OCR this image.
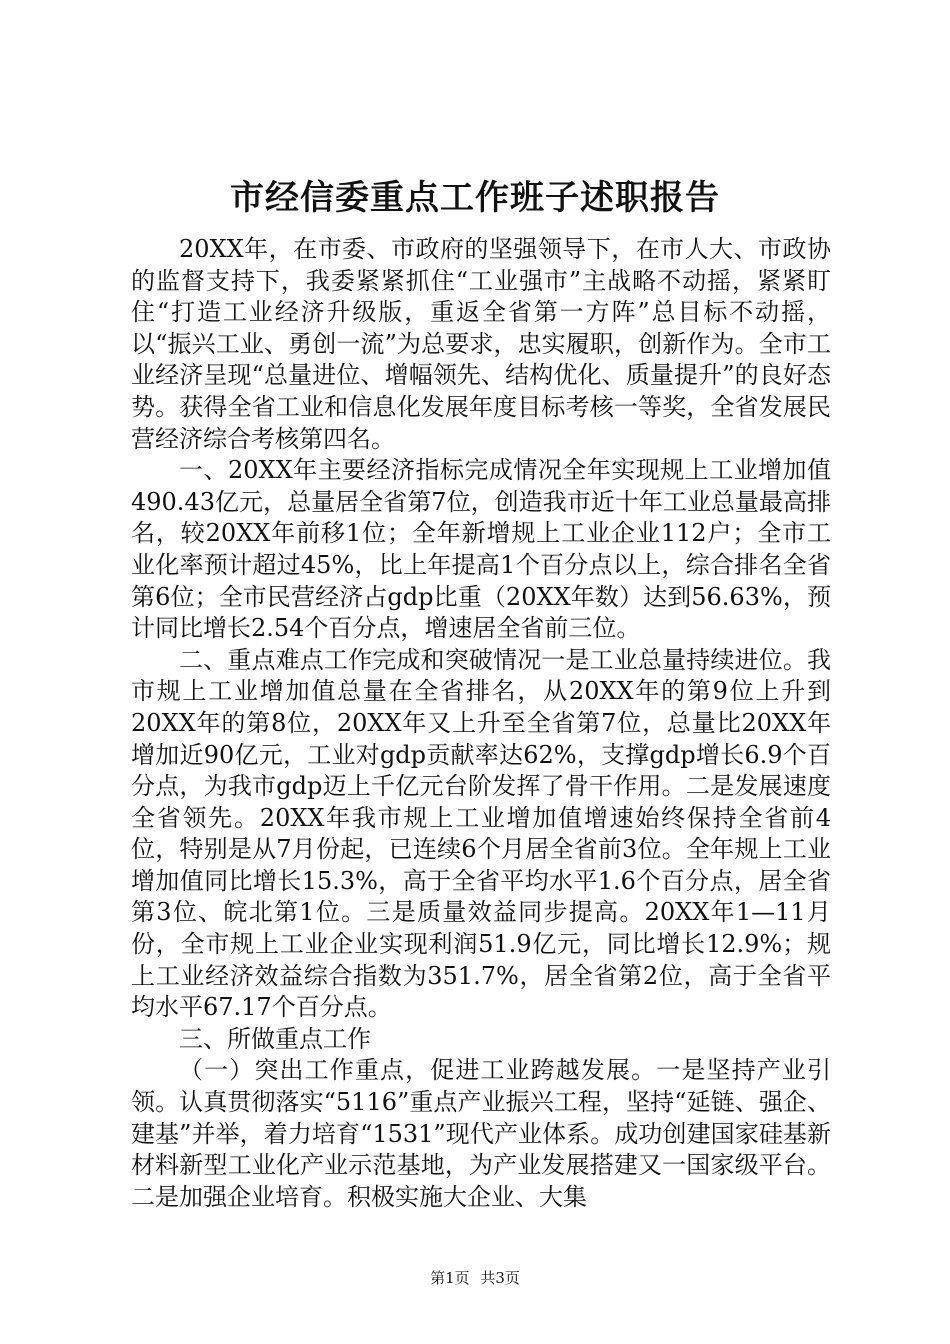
市经信委重点工作班子述职报告

20XX年，在市委、市政府的坚强领导下，在市人大、市政协的监督支持下，我委紧紧抓住“工业强市”主战略不动摇，紧紧盯住“打造工业经济升级版，重返全省第一方阵”总目标不动摇，以“振兴工业、勇创一流”为总要求，忠实履职，创新作为。全市工业经济呈现“总量进位、增幅领先、结构优化、质量提升”的良好态势。获得全省工业和信息化发展年度目标考核一等奖，全省发展民营经济综合考核第四名。

一、20XX年主要经济指标完成情况全年实现规上工业增加值490.43亿元，总量居全省第7位，创造我市近十年工业总量最高排名，较20XX年前移1位；全年新增规上工业企业112户；全市工业化率预计超过45%，比上年提高1个百分点以上，综合排名全省第6位；全市民营经济占gdp比重（20XX年数）达到56.63%，预计同比增长2.54个百分点，增速居全省前三位。

二、重点难点工作完成和突破情况一是工业总量持续进位。我市规上工业增加值总量在全省排名，从20XX年的第9位上升到20XX年的第8位，20XX年又上升至全省第7位，总量比20XX年增加近90亿元，工业对gdp贡献率达62%，支撑gdp增长6.9个百分点，为我市gdp迈上千亿元台阶发挥了骨干作用。二是发展速度全省领先。20XX年我市规上工业增加值增速始终保持全省前4位，特别是从7月份起，已连续6个月居全省前3位。全年规上工业增加值同比增长15.3%，高于全省平均水平1.6个百分点，居全省第3位、皖北第1位。三是质量效益同步提高。20XX年1—11月份，全市规上工业企业实现利润51.9亿元，同比增长12.9%；规上工业经济效益综合指数为351.7%，居全省第2位，高于全省平均水平67.17个百分点。

三、所做重点工作

（一）突出工作重点，促进工业跨越发展。一是坚持产业引领。认真贯彻落实“5116”重点产业振兴工程，坚持“延链、强企、建基”并举，着力培育“1531”现代产业体系。成功创建国家硅基新材料新型工业化产业示范基地，为产业发展搭建又一国家级平台。二是加强企业培育。积极实施大企业、大集

第1页 共3页
